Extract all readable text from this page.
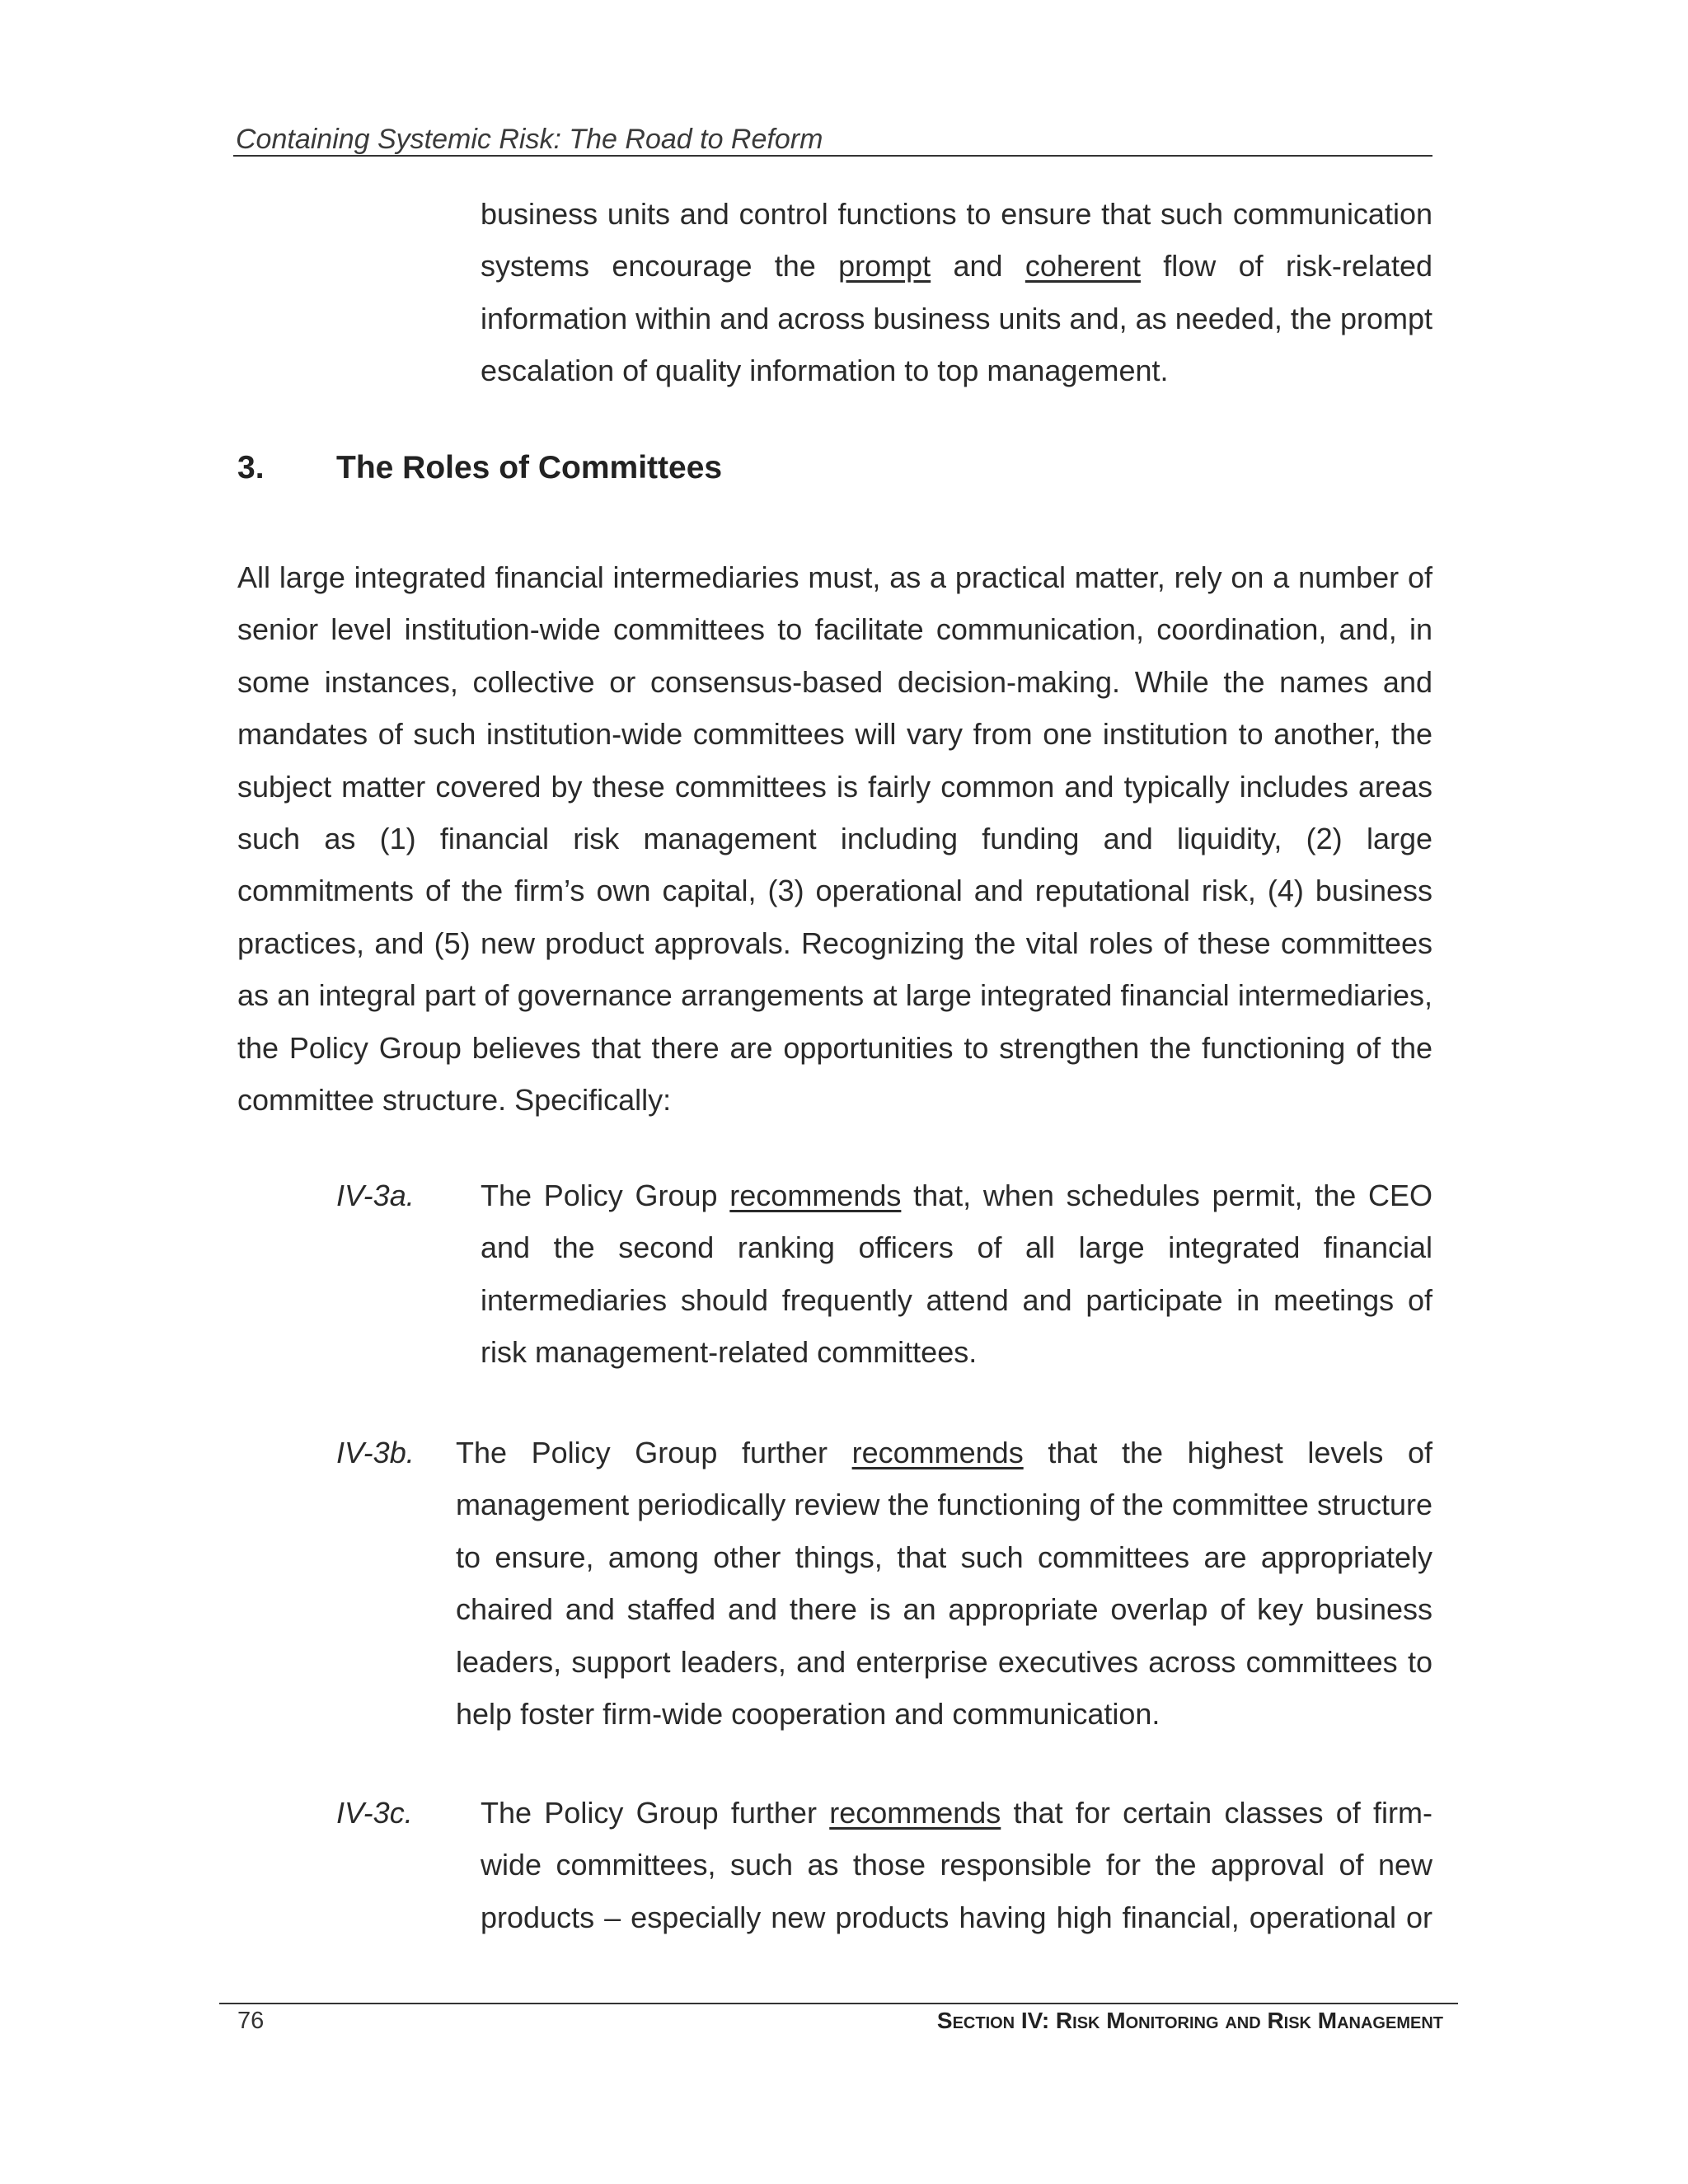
Containing Systemic Risk: The Road to Reform

business units and control functions to ensure that such communication systems encourage the prompt and coherent flow of risk-related information within and across business units and, as needed, the prompt escalation of quality information to top management.

3. The Roles of Committees

All large integrated financial intermediaries must, as a practical matter, rely on a number of senior level institution-wide committees to facilitate communication, coordination, and, in some instances, collective or consensus-based decision-making. While the names and mandates of such institution-wide committees will vary from one institution to another, the subject matter covered by these committees is fairly common and typically includes areas such as (1) financial risk management including funding and liquidity, (2) large commitments of the firm’s own capital, (3) operational and reputational risk, (4) business practices, and (5) new product approvals. Recognizing the vital roles of these committees as an integral part of governance arrangements at large integrated financial intermediaries, the Policy Group believes that there are opportunities to strengthen the functioning of the committee structure. Specifically:

IV-3a. The Policy Group recommends that, when schedules permit, the CEO and the second ranking officers of all large integrated financial intermediaries should frequently attend and participate in meetings of risk management-related committees.

IV-3b. The Policy Group further recommends that the highest levels of management periodically review the functioning of the committee structure to ensure, among other things, that such committees are appropriately chaired and staffed and there is an appropriate overlap of key business leaders, support leaders, and enterprise executives across committees to help foster firm-wide cooperation and communication.

IV-3c. The Policy Group further recommends that for certain classes of firm-wide committees, such as those responsible for the approval of new products – especially new products having high financial, operational or

76	Section IV: Risk Monitoring and Risk Management
